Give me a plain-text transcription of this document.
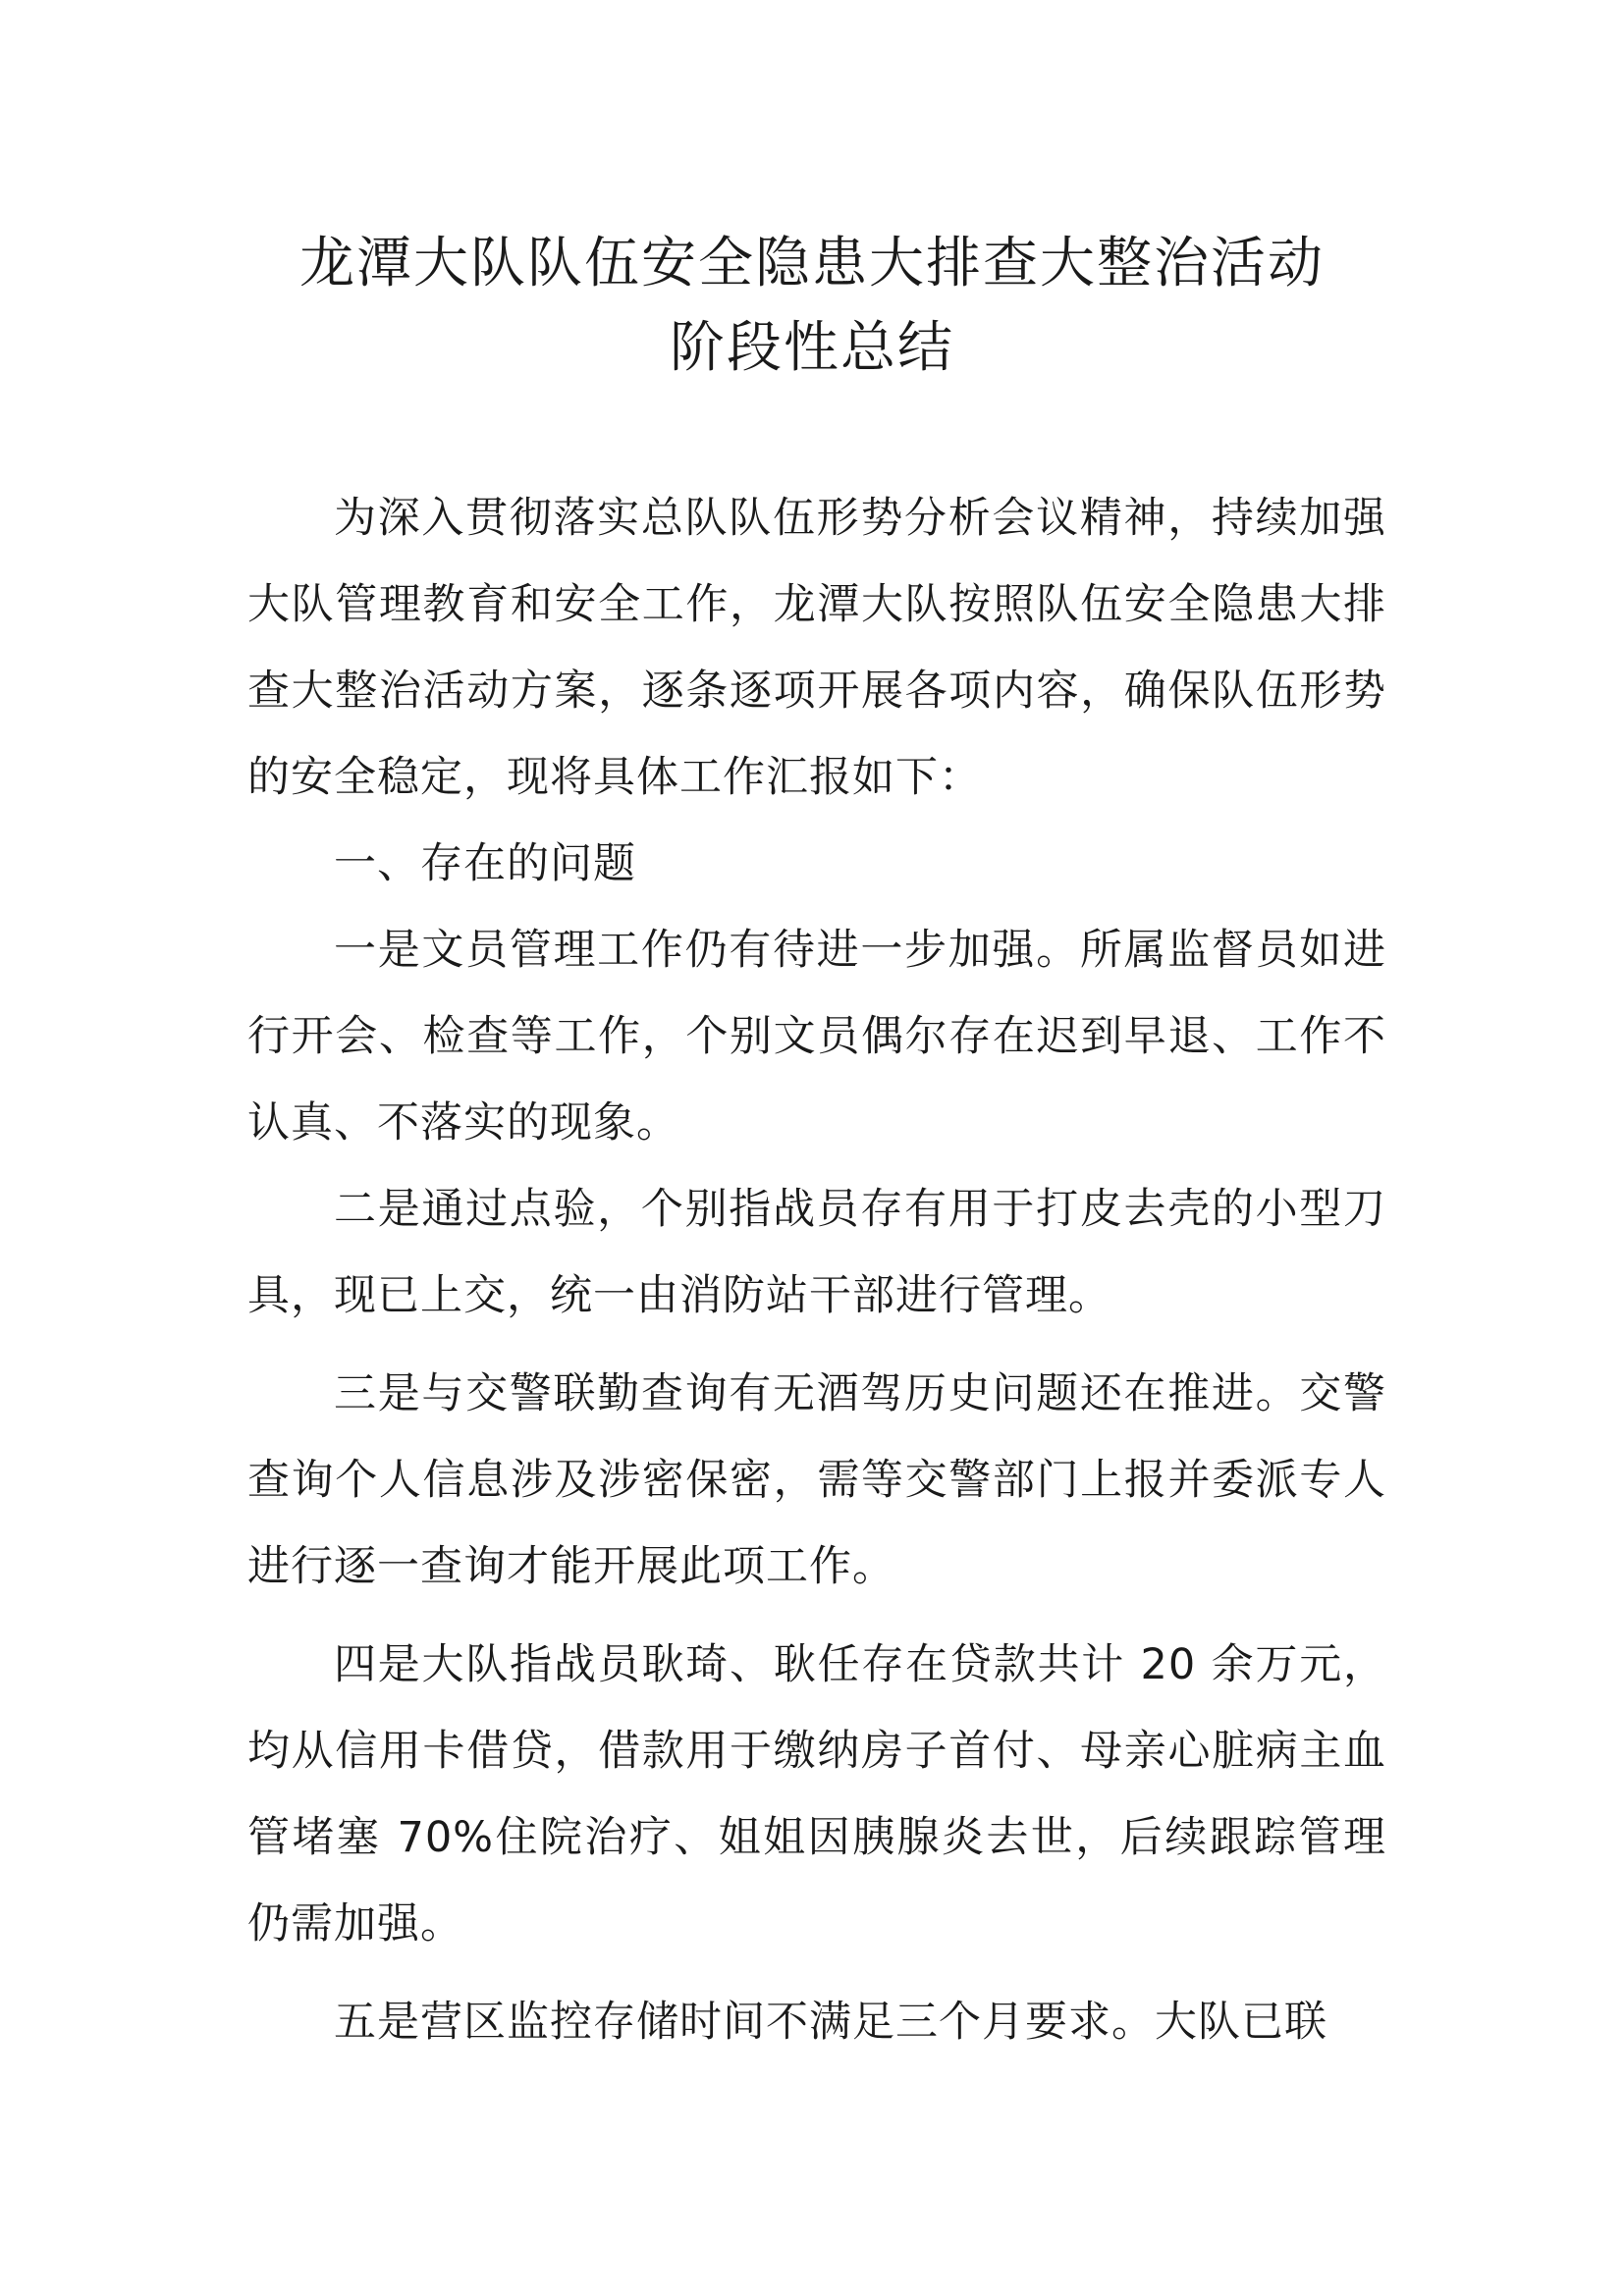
龙潭大队队伍安全隐患大排查大整治活动
阶段性总结

为深入贯彻落实总队队伍形势分析会议精神，持续加强大队管理教育和安全工作，龙潭大队按照队伍安全隐患大排查大整治活动方案，逐条逐项开展各项内容，确保队伍形势的安全稳定，现将具体工作汇报如下：

一、存在的问题

一是文员管理工作仍有待进一步加强。所属监督员如进行开会、检查等工作，个别文员偶尔存在迟到早退、工作不认真、不落实的现象。

二是通过点验，个别指战员存有用于打皮去壳的小型刀具，现已上交，统一由消防站干部进行管理。

三是与交警联勤查询有无酒驾历史问题还在推进。交警查询个人信息涉及涉密保密，需等交警部门上报并委派专人进行逐一查询才能开展此项工作。

四是大队指战员耿琦、耿任存在贷款共计 20 余万元，均从信用卡借贷，借款用于缴纳房子首付、母亲心脏病主血管堵塞 70%住院治疗、姐姐因胰腺炎去世，后续跟踪管理仍需加强。

五是营区监控存储时间不满足三个月要求。大队已联
